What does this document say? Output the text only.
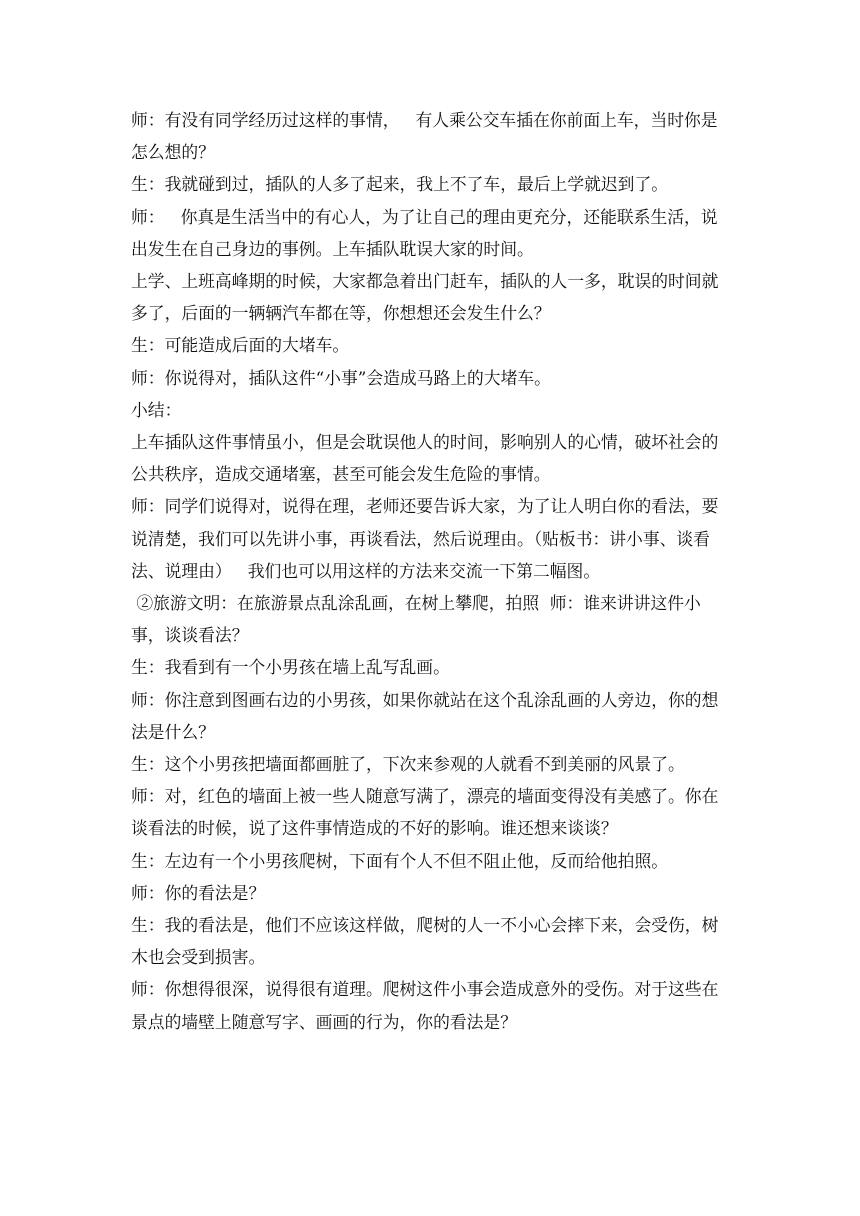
师：有没有同学经历过这样的事情，   有人乘公交车插在你前面上车，当时你是怎么想的？

生：我就碰到过，插队的人多了起来，我上不了车，最后上学就迟到了。

师：   你真是生活当中的有心人，为了让自己的理由更充分，还能联系生活，说出发生在自己身边的事例。上车插队耽误大家的时间。

上学、上班高峰期的时候，大家都急着出门赶车，插队的人一多，耽误的时间就多了，后面的一辆辆汽车都在等，你想想还会发生什么？

生：可能造成后面的大堵车。

师：你说得对，插队这件“小事”会造成马路上的大堵车。

小结：

上车插队这件事情虽小，但是会耽误他人的时间，影响别人的心情，破坏社会的公共秩序，造成交通堵塞，甚至可能会发生危险的事情。

师：同学们说得对，说得在理，老师还要告诉大家，为了让人明白你的看法，要说清楚，我们可以先讲小事，再谈看法，然后说理由。（贴板书：讲小事、谈看法、说理由）   我们也可以用这样的方法来交流一下第二幅图。

②旅游文明：在旅游景点乱涂乱画，在树上攀爬，拍照  师：谁来讲讲这件小事，谈谈看法？

生：我看到有一个小男孩在墙上乱写乱画。

师：你注意到图画右边的小男孩，如果你就站在这个乱涂乱画的人旁边，你的想法是什么？

生：这个小男孩把墙面都画脏了，下次来参观的人就看不到美丽的风景了。

师：对，红色的墙面上被一些人随意写满了，漂亮的墙面变得没有美感了。你在谈看法的时候，说了这件事情造成的不好的影响。谁还想来谈谈？

生：左边有一个小男孩爬树，下面有个人不但不阻止他，反而给他拍照。

师：你的看法是？

生：我的看法是，他们不应该这样做，爬树的人一不小心会摔下来，会受伤，树木也会受到损害。

师：你想得很深，说得很有道理。爬树这件小事会造成意外的受伤。对于这些在景点的墙壁上随意写字、画画的行为，你的看法是？
